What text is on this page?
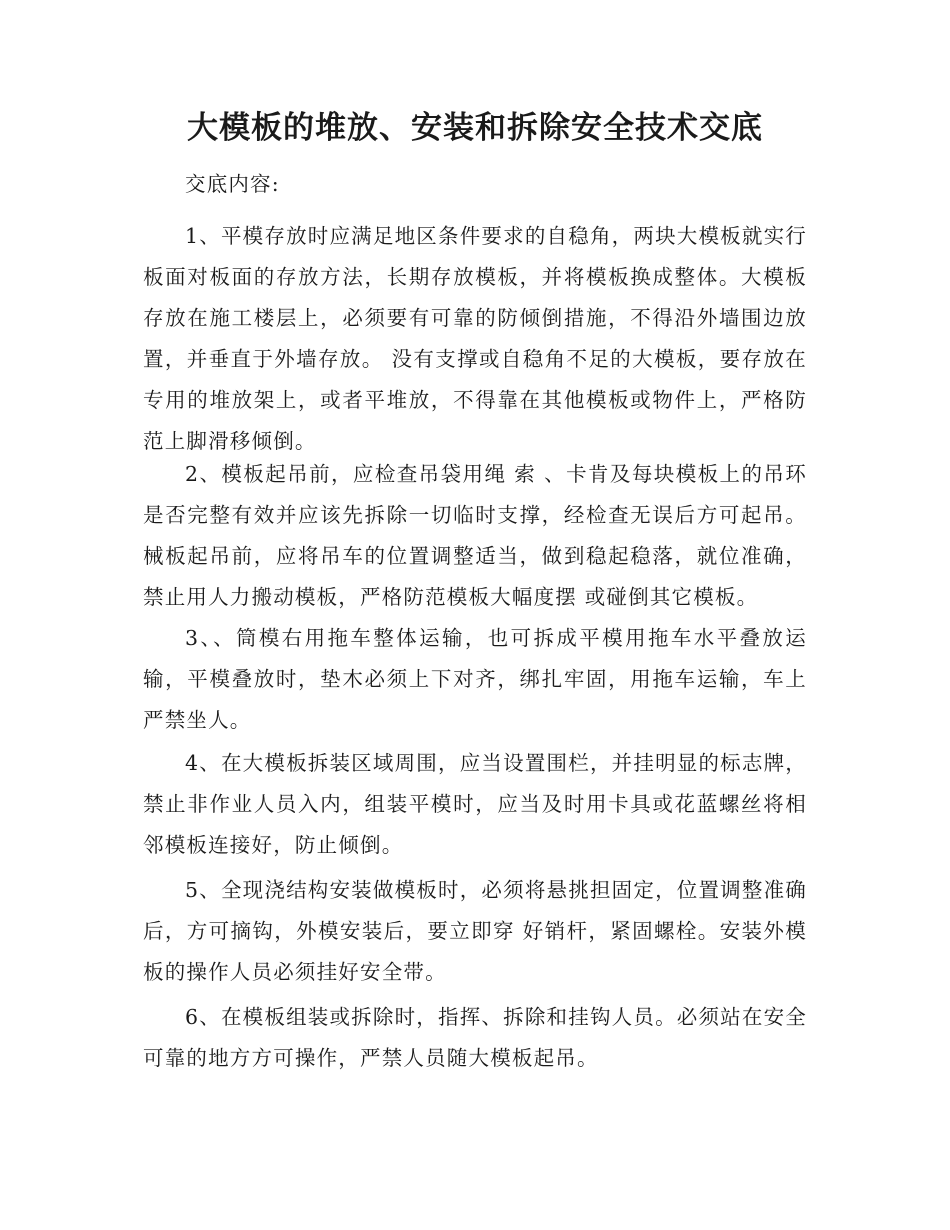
大模板的堆放、安装和拆除安全技术交底

交底内容:

1、平模存放时应满足地区条件要求的自稳角，两块大模板就实行板面对板面的存放方法，长期存放模板，并将模板换成整体。大模板存放在施工楼层上，必须要有可靠的防倾倒措施，不得沿外墙围边放置，并垂直于外墙存放。 没有支撑或自稳角不足的大模板，要存放在专用的堆放架上，或者平堆放，不得靠在其他模板或物件上，严格防范上脚滑移倾倒。

2、模板起吊前，应检查吊袋用绳 索 、卡肯及每块模板上的吊环是否完整有效并应该先拆除一切临时支撑，经检查无误后方可起吊。械板起吊前，应将吊车的位置调整适当，做到稳起稳落，就位准确，禁止用人力搬动模板，严格防范模板大幅度摆 或碰倒其它模板。

3、、筒模右用拖车整体运输，也可拆成平模用拖车水平叠放运输，平模叠放时，垫木必须上下对齐，绑扎牢固，用拖车运输，车上严禁坐人。

4、在大模板拆装区域周围，应当设置围栏，并挂明显的标志牌，禁止非作业人员入内，组装平模时，应当及时用卡具或花蓝螺丝将相邻模板连接好，防止倾倒。

5、全现浇结构安装做模板时，必须将悬挑担固定，位置调整准确后，方可摘钩，外模安装后，要立即穿 好销杆，紧固螺栓。安装外模板的操作人员必须挂好安全带。

6、在模板组装或拆除时，指挥、拆除和挂钩人员。必须站在安全可靠的地方方可操作，严禁人员随大模板起吊。
